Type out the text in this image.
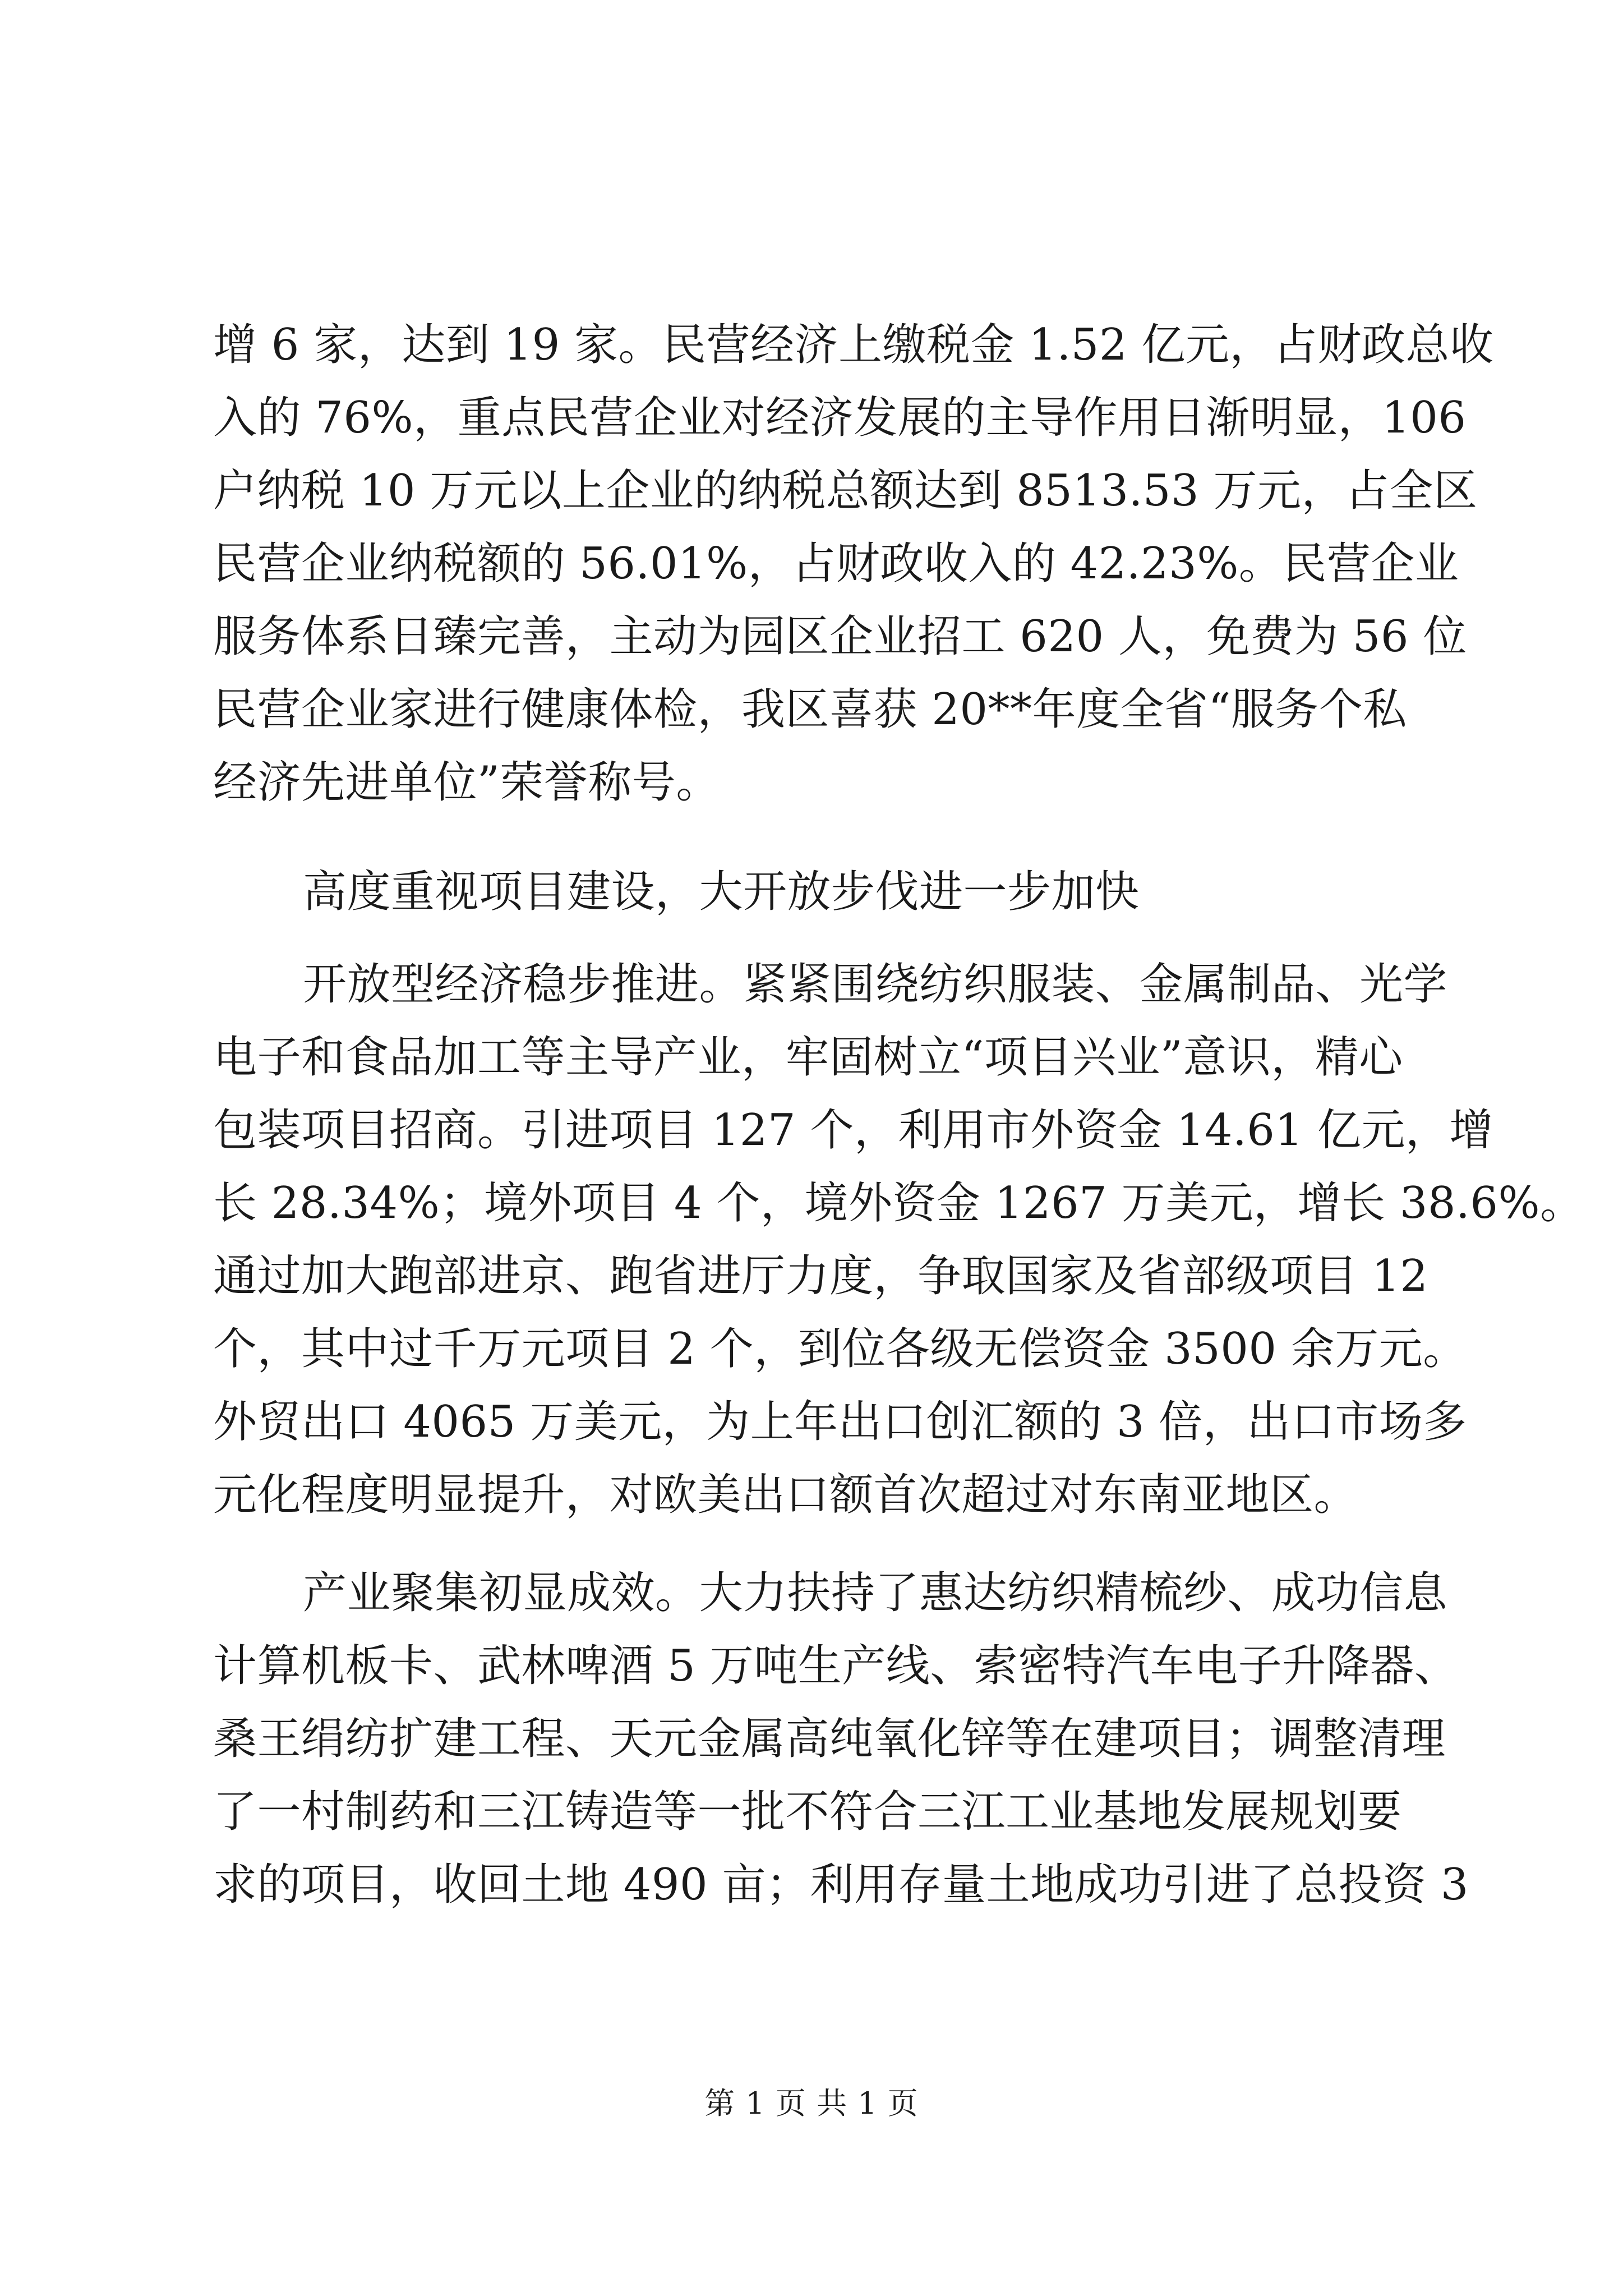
增 6 家，达到 19 家。民营经济上缴税金 1.52 亿元，占财政总收
入的 76%，重点民营企业对经济发展的主导作用日渐明显，106
户纳税 10 万元以上企业的纳税总额达到 8513.53 万元，占全区
民营企业纳税额的 56.01%，占财政收入的 42.23%。民营企业
服务体系日臻完善，主动为园区企业招工 620 人，免费为 56 位
民营企业家进行健康体检，我区喜获 20**年度全省“服务个私
经济先进单位”荣誉称号。
高度重视项目建设，大开放步伐进一步加快
开放型经济稳步推进。紧紧围绕纺织服装、金属制品、光学
电子和食品加工等主导产业，牢固树立“项目兴业”意识，精心
包装项目招商。引进项目 127 个，利用市外资金 14.61 亿元，增
长 28.34%；境外项目 4 个，境外资金 1267 万美元，增长 38.6%。
通过加大跑部进京、跑省进厅力度，争取国家及省部级项目 12
个，其中过千万元项目 2 个，到位各级无偿资金 3500 余万元。
外贸出口 4065 万美元，为上年出口创汇额的 3 倍，出口市场多
元化程度明显提升，对欧美出口额首次超过对东南亚地区。
产业聚集初显成效。大力扶持了惠达纺织精梳纱、成功信息
计算机板卡、武林啤酒 5 万吨生产线、索密特汽车电子升降器、
桑王绢纺扩建工程、天元金属高纯氧化锌等在建项目；调整清理
了一村制药和三江铸造等一批不符合三江工业基地发展规划要
求的项目，收回土地 490 亩；利用存量土地成功引进了总投资 3
第 1 页 共 1 页
